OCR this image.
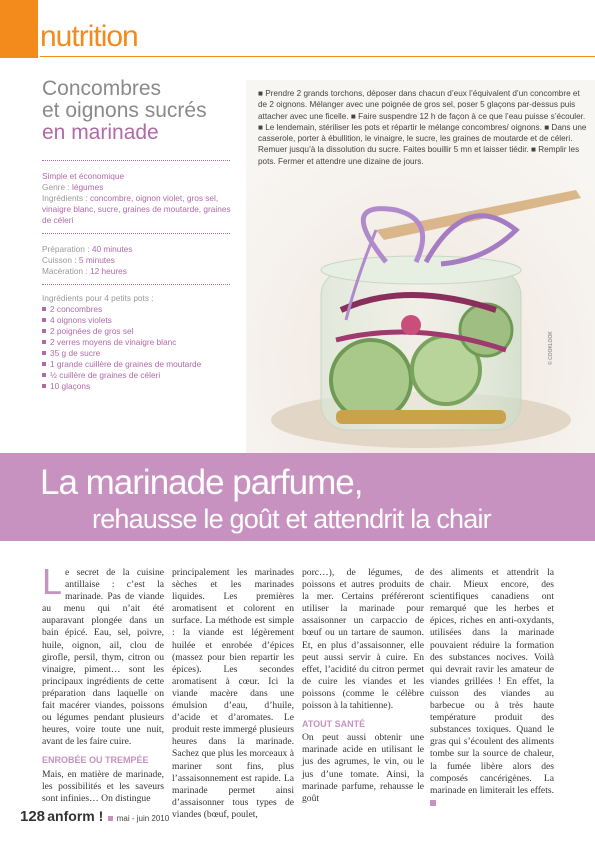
nutrition
Concombres
et oignons sucrés
en marinade
Simple et économique
Genre : légumes
Ingrédients : concombre, oignon violet, gros sel, vinaigre blanc, sucre, graines de moutarde, graines de céleri
Préparation : 40 minutes
Cuisson : 5 minutes
Macération : 12 heures
Ingrédients pour 4 petits pots :
2 concombres
4 oignons violets
2 poignées de gros sel
2 verres moyens de vinaigre blanc
35 g de sucre
1 grande cuillère de graines de moutarde
½ cuillère de graines de céleri
10 glaçons
■ Prendre 2 grands torchons, déposer dans chacun d’eux l’équivalent d’un concombre et de 2 oignons. Mélanger avec une poignée de gros sel, poser 5 glaçons par-dessus puis attacher avec une ficelle. ■ Faire suspendre 12 h de façon à ce que l’eau puisse s’écouler. ■ Le lendemain, stériliser les pots et répartir le mélange concombres/ oignons. ■ Dans une casserole, porter à ébullition, le vinaigre, le sucre, les graines de moutarde et de céleri. Remuer jusqu’à la dissolution du sucre. Faites bouillir 5 mn et laisser tiédir. ■ Remplir les pots. Fermer et attendre une dizaine de jours.
© COOKLOOK
La marinade parfume,
rehausse le goût et attendrit la chair
L e secret de la cuisine antillaise : c’est la marinade. Pas de viande au menu qui n’ait été auparavant plongée dans un bain épicé. Eau, sel, poivre, huile, oignon, ail, clou de girofle, persil, thym, citron ou vinaigre, piment… sont les principaux ingrédients de cette préparation dans laquelle on fait macérer viandes, poissons ou légumes pendant plusieurs heures, voire toute une nuit, avant de les faire cuire.

ENROBÉE OU TREMPÉE

Mais, en matière de marinade, les possibilités et les saveurs sont infinies… On distingue

principalement les marinades sèches et les marinades liquides. Les premières aromatisent et colorent en surface. La méthode est simple : la viande est légèrement huilée et enrobée d’épices (massez pour bien repartir les épices). Les secondes aromatisent à cœur. Ici la viande macère dans une émulsion d’eau, d’huile, d’acide et d’aromates. Le produit reste immergé plusieurs heures dans la marinade. Sachez que plus les morceaux à mariner sont fins, plus l’assaisonnement est rapide. La marinade permet ainsi d’assaisonner tous types de viandes (bœuf, poulet,

porc…), de légumes, de poissons et autres produits de la mer. Certains préféreront utiliser la marinade pour assaisonner un carpaccio de bœuf ou un tartare de saumon. Et, en plus d’assaisonner, elle peut aussi servir à cuire. En effet, l’acidité du citron permet de cuire les viandes et les poissons (comme le célèbre poisson à la tahitienne).

ATOUT SANTÉ

On peut aussi obtenir une marinade acide en utilisant le jus des agrumes, le vin, ou le jus d’une tomate. Ainsi, la marinade parfume, rehausse le goût

des aliments et attendrit la chair. Mieux encore, des scientifiques canadiens ont remarqué que les herbes et épices, riches en anti-oxydants, utilisées dans la marinade pouvaient réduire la formation des substances nocives. Voilà qui devrait ravir les amateur de viandes grillées ! En effet, la cuisson des viandes au barbecue ou à très haute température produit des substances toxiques. Quand le gras qui s’écoulent des aliments tombe sur la source de chaleur, la fumée libère alors des composés cancérigènes. La marinade en limiterait les effets.

128 anform ! mai - juin 2010
